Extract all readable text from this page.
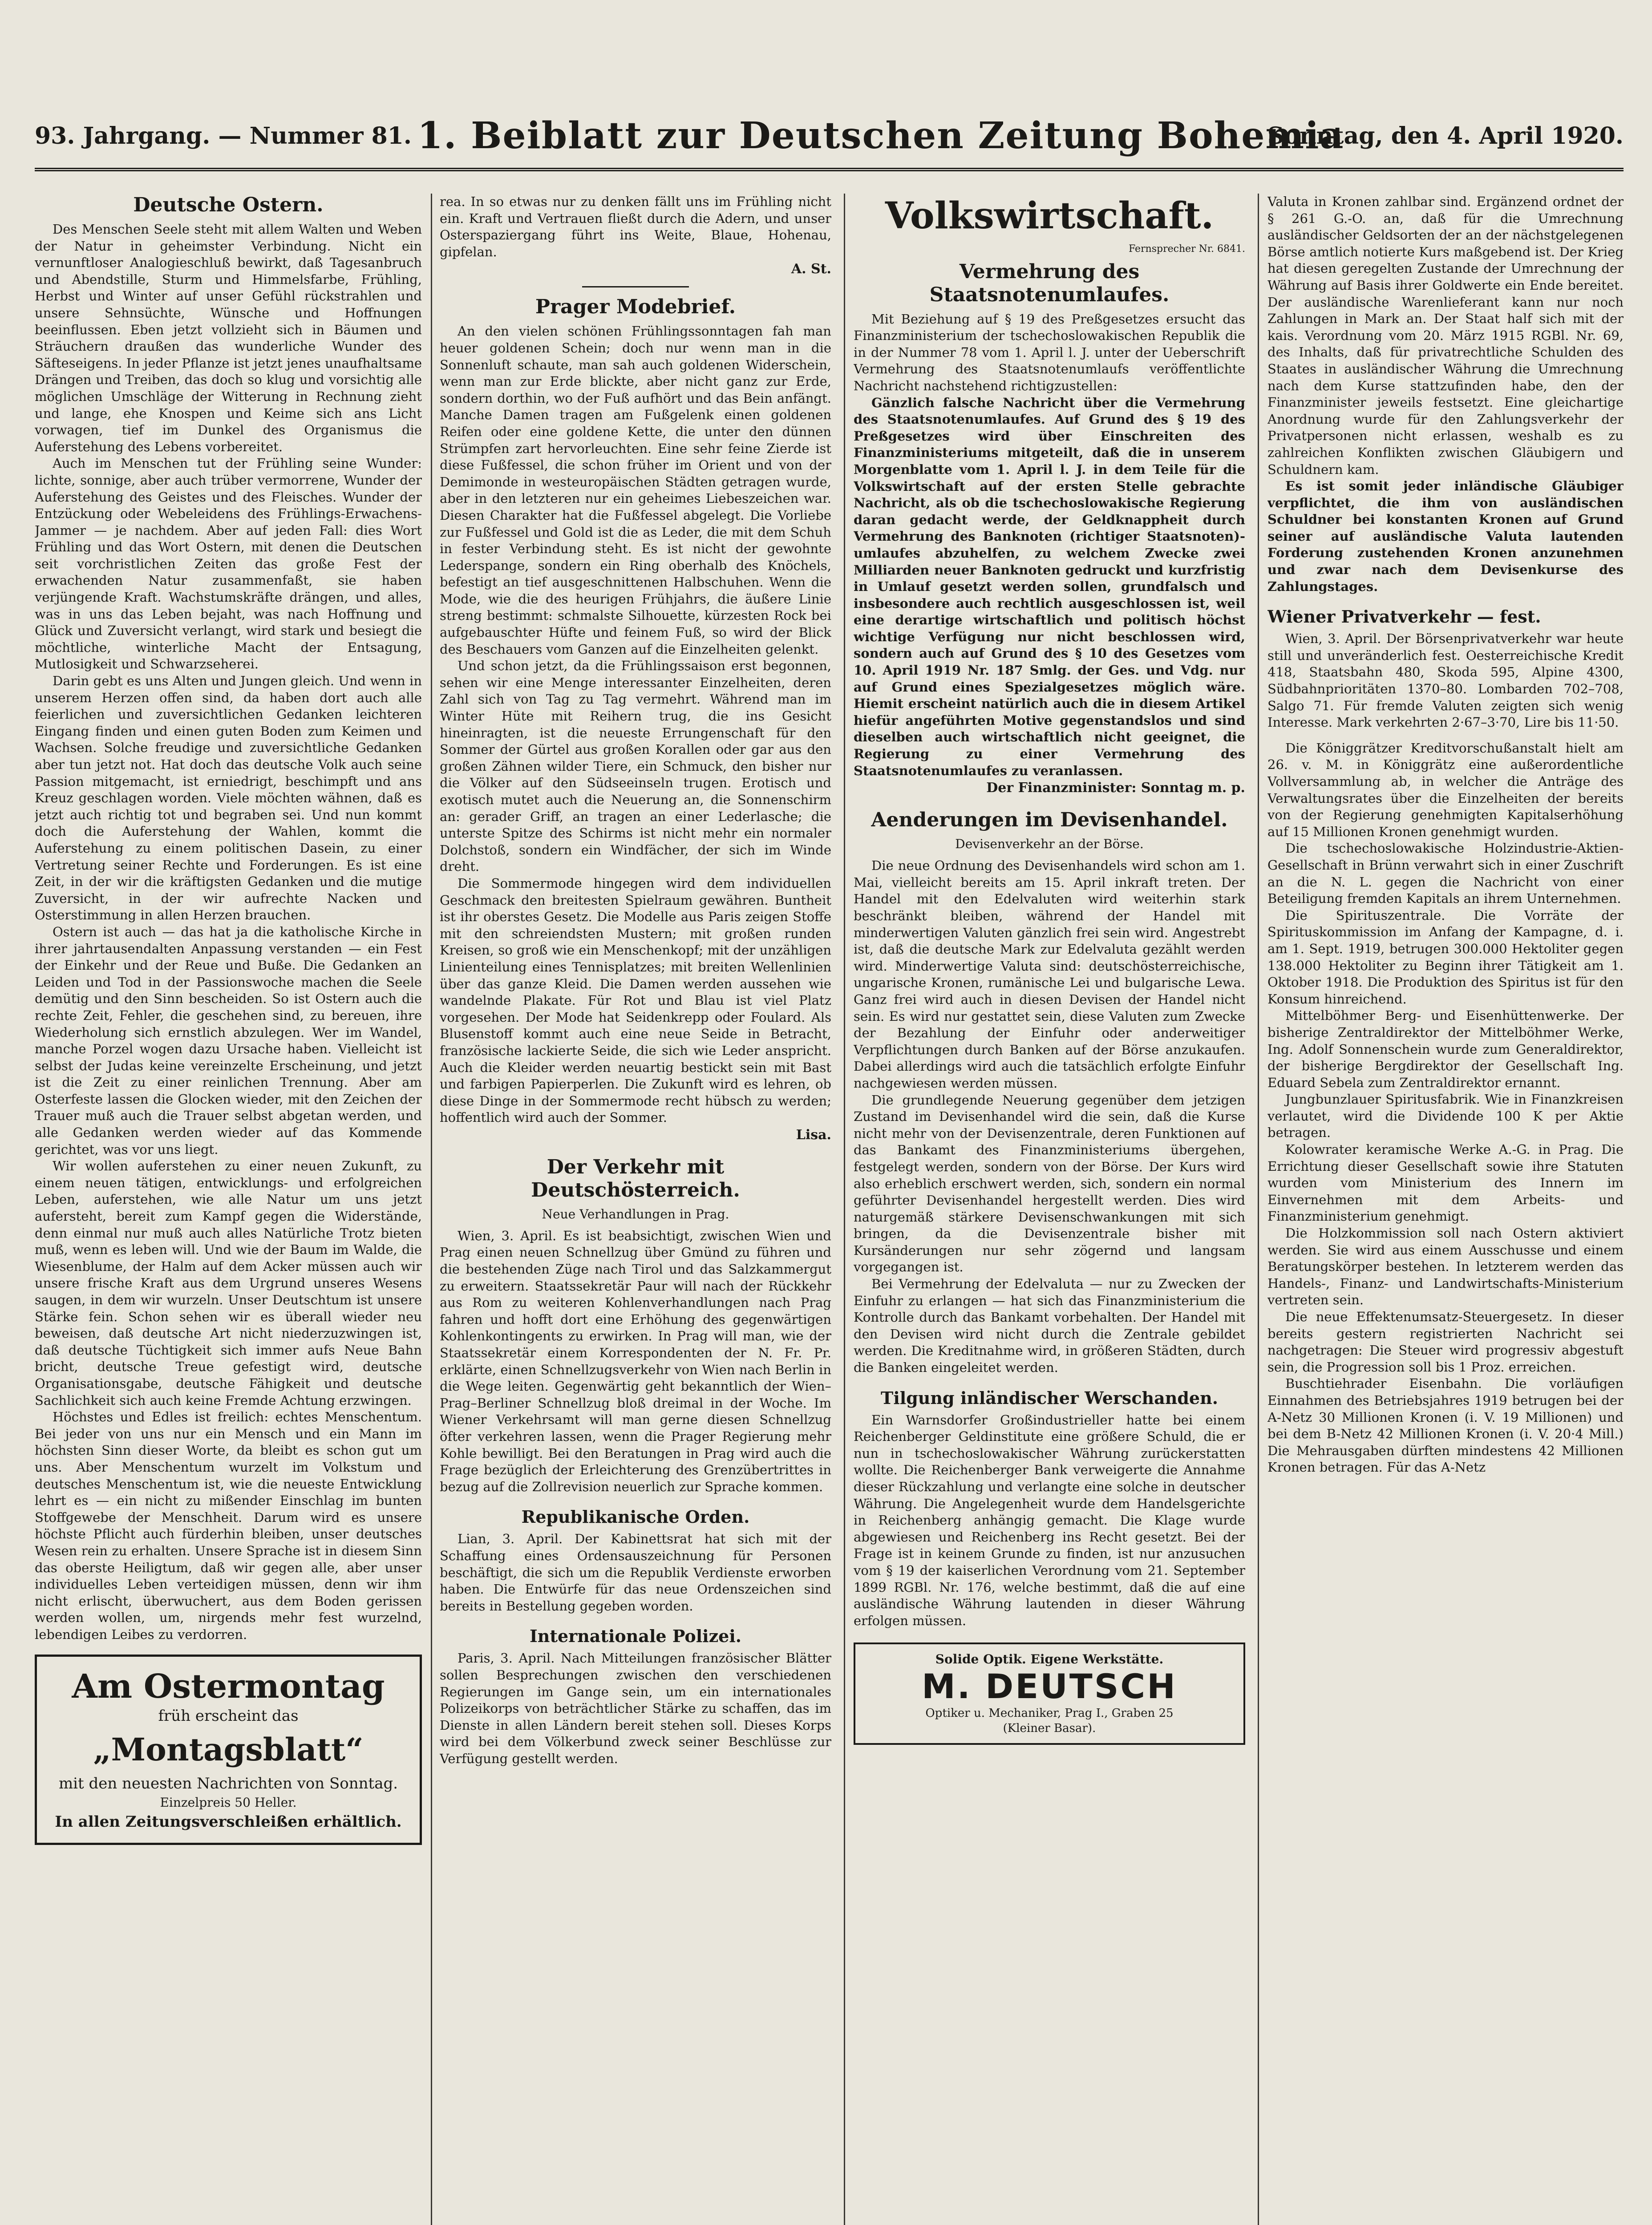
93. Jahrgang. — Nummer 81. 1. Beiblatt zur Deutschen Zeitung Bohemia
Sonntag, den 4. April 1920.
Deutsche Ostern.

Des Menschen Seele steht mit allem Walten und Weben der Natur in geheimster Verbindung. Nicht ein vernunftloser Analogieschluß bewirkt, daß Tagesanbruch und Abendstille, Sturm und Himmelsfarbe, Frühling, Herbst und Winter auf unser Gefühl rückstrahlen und unsere Sehnsüchte, Wünsche und Hoffnungen beeinflussen. Eben jetzt vollzieht sich in Bäumen und Sträuchern draußen das wunderliche Wunder des Säfteseigens. In jeder Pflanze ist jetzt jenes unaufhaltsame Drängen und Treiben, das doch so klug und vorsichtig alle möglichen Umschläge der Witterung in Rechnung zieht und lange, ehe Knospen und Keime sich ans Licht vorwagen, tief im Dunkel des Organismus die Auferstehung des Lebens vorbereitet.

Auch im Menschen tut der Frühling seine Wunder: lichte, sonnige, aber auch trüber vermorrene, Wunder der Auferstehung des Geistes und des Fleisches. Wunder der Entzückung oder Webeleidens des Frühlings-Erwachens-Jammer — je nachdem. Aber auf jeden Fall: dies Wort Frühling und das Wort Ostern, mit denen die Deutschen seit vorchristlichen Zeiten das große Fest der erwachenden Natur zusammenfaßt, sie haben verjüngende Kraft. Wachstumskräfte drängen, und alles, was in uns das Leben bejaht, was nach Hoffnung und Glück und Zuversicht verlangt, wird stark und besiegt die möchtliche, winterliche Macht der Entsagung, Mutlosigkeit und Schwarzseherei.

Darin gebt es uns Alten und Jungen gleich. Und wenn in unserem Herzen offen sind, da haben dort auch alle feierlichen und zuversichtlichen Gedanken leichteren Eingang finden und einen guten Boden zum Keimen und Wachsen. Solche freudige und zuversichtliche Gedanken aber tun jetzt not. Hat doch das deutsche Volk auch seine Passion mitgemacht, ist erniedrigt, beschimpft und ans Kreuz geschlagen worden. Viele möchten wähnen, daß es jetzt auch richtig tot und begraben sei. Und nun kommt doch die Auferstehung der Wahlen, kommt die Auferstehung zu einem politischen Dasein, zu einer Vertretung seiner Rechte und Forderungen. Es ist eine Zeit, in der wir die kräftigsten Gedanken und die mutige Zuversicht, in der wir aufrechte Nacken und Osterstimmung in allen Herzen brauchen.

Ostern ist auch — das hat ja die katholische Kirche in ihrer jahrtausendalten Anpassung verstanden — ein Fest der Einkehr und der Reue und Buße. Die Gedanken an Leiden und Tod in der Passionswoche machen die Seele demütig und den Sinn bescheiden. So ist Ostern auch die rechte Zeit, Fehler, die geschehen sind, zu bereuen, ihre Wiederholung sich ernstlich abzulegen. Wer im Wandel, manche Porzel wogen dazu Ursache haben. Vielleicht ist selbst der Judas keine vereinzelte Erscheinung, und jetzt ist die Zeit zu einer reinlichen Trennung. Aber am Osterfeste lassen die Glocken wieder, mit den Zeichen der Trauer muß auch die Trauer selbst abgetan werden, und alle Gedanken werden wieder auf das Kommende gerichtet, was vor uns liegt.

Wir wollen auferstehen zu einer neuen Zukunft, zu einem neuen tätigen, entwicklungs- und erfolgreichen Leben, auferstehen, wie alle Natur um uns jetzt aufersteht, bereit zum Kampf gegen die Widerstände, denn einmal nur muß auch alles Natürliche Trotz bieten muß, wenn es leben will. Und wie der Baum im Walde, die Wiesenblume, der Halm auf dem Acker müssen auch wir unsere frische Kraft aus dem Urgrund unseres Wesens saugen, in dem wir wurzeln. Unser Deutschtum ist unsere Stärke fein. Schon sehen wir es überall wieder neu beweisen, daß deutsche Art nicht niederzuzwingen ist, daß deutsche Tüchtigkeit sich immer aufs Neue Bahn bricht, deutsche Treue gefestigt wird, deutsche Organisationsgabe, deutsche Fähigkeit und deutsche Sachlichkeit sich auch keine Fremde Achtung erzwingen.

Höchstes und Edles ist freilich: echtes Menschentum. Bei jeder von uns nur ein Mensch und ein Mann im höchsten Sinn dieser Worte, da bleibt es schon gut um uns. Aber Menschentum wurzelt im Volkstum und deutsches Menschentum ist, wie die neueste Entwicklung lehrt es — ein nicht zu mißender Einschlag im bunten Stoffgewebe der Menschheit. Darum wird es unsere höchste Pflicht auch fürderhin bleiben, unser deutsches Wesen rein zu erhalten. Unsere Sprache ist in diesem Sinn das oberste Heiligtum, daß wir gegen alle, aber unser individuelles Leben verteidigen müssen, denn wir ihm nicht erlischt, überwuchert, aus dem Boden gerissen werden wollen, um, nirgends mehr fest wurzelnd, lebendigen Leibes zu verdorren.

Am Ostermontag
früh erscheint das
„Montagsblatt“
mit den neuesten Nachrichten von Sonntag.
Einzelpreis 50 Heller.
In allen Zeitungsverschleißen erhältlich.

rea. In so etwas nur zu denken fällt uns im Frühling nicht ein. Kraft und Vertrauen fließt durch die Adern, und unser Osterspaziergang führt ins Weite, Blaue, Hohenau, gipfelan.

A. St.
Prager Modebrief.

An den vielen schönen Frühlingssonntagen fah man heuer goldenen Schein; doch nur wenn man in die Sonnenluft schaute, man sah auch goldenen Widerschein, wenn man zur Erde blickte, aber nicht ganz zur Erde, sondern dorthin, wo der Fuß aufhört und das Bein anfängt. Manche Damen tragen am Fußgelenk einen goldenen Reifen oder eine goldene Kette, die unter den dünnen Strümpfen zart hervorleuchten. Eine sehr feine Zierde ist diese Fußfessel, die schon früher im Orient und von der Demimonde in westeuropäischen Städten getragen wurde, aber in den letzteren nur ein geheimes Liebeszeichen war. Diesen Charakter hat die Fußfessel abgelegt. Die Vorliebe zur Fußfessel und Gold ist die as Leder, die mit dem Schuh in fester Verbindung steht. Es ist nicht der gewohnte Lederspange, sondern ein Ring oberhalb des Knöchels, befestigt an tief ausgeschnittenen Halbschuhen. Wenn die Mode, wie die des heurigen Frühjahrs, die äußere Linie streng bestimmt: schmalste Silhouette, kürzesten Rock bei aufgebauschter Hüfte und feinem Fuß, so wird der Blick des Beschauers vom Ganzen auf die Einzelheiten gelenkt.

Und schon jetzt, da die Frühlingssaison erst begonnen, sehen wir eine Menge interessanter Einzelheiten, deren Zahl sich von Tag zu Tag vermehrt. Während man im Winter Hüte mit Reihern trug, die ins Gesicht hineinragten, ist die neueste Errungenschaft für den Sommer der Gürtel aus großen Korallen oder gar aus den großen Zähnen wilder Tiere, ein Schmuck, den bisher nur die Völker auf den Südseeinseln trugen. Erotisch und exotisch mutet auch die Neuerung an, die Sonnenschirm an: gerader Griff, an tragen an einer Lederlasche; die unterste Spitze des Schirms ist nicht mehr ein normaler Dolchstoß, sondern ein Windfächer, der sich im Winde dreht.

Die Sommermode hingegen wird dem individuellen Geschmack den breitesten Spielraum gewähren. Buntheit ist ihr oberstes Gesetz. Die Modelle aus Paris zeigen Stoffe mit den schreiendsten Mustern; mit großen runden Kreisen, so groß wie ein Menschenkopf; mit der unzähligen Linienteilung eines Tennisplatzes; mit breiten Wellenlinien über das ganze Kleid. Die Damen werden aussehen wie wandelnde Plakate. Für Rot und Blau ist viel Platz vorgesehen. Der Mode hat Seidenkrepp oder Foulard. Als Blusenstoff kommt auch eine neue Seide in Betracht, französische lackierte Seide, die sich wie Leder anspricht. Auch die Kleider werden neuartig bestickt sein mit Bast und farbigen Papierperlen. Die Zukunft wird es lehren, ob diese Dinge in der Sommermode recht hübsch zu werden; hoffentlich wird auch der Sommer.

Lisa.
Der Verkehr mit Deutschösterreich.
Neue Verhandlungen in Prag.

Wien, 3. April. Es ist beabsichtigt, zwischen Wien und Prag einen neuen Schnellzug über Gmünd zu führen und die bestehenden Züge nach Tirol und das Salzkammergut zu erweitern. Staatssekretär Paur will nach der Rückkehr aus Rom zu weiteren Kohlenverhandlungen nach Prag fahren und hofft dort eine Erhöhung des gegenwärtigen Kohlenkontingents zu erwirken. In Prag will man, wie der Staatssekretär einem Korrespondenten der N. Fr. Pr. erklärte, einen Schnellzugsverkehr von Wien nach Berlin in die Wege leiten. Gegenwärtig geht bekanntlich der Wien–Prag–Berliner Schnellzug bloß dreimal in der Woche. Im Wiener Verkehrsamt will man gerne diesen Schnellzug öfter verkehren lassen, wenn die Prager Regierung mehr Kohle bewilligt. Bei den Beratungen in Prag wird auch die Frage bezüglich der Erleichterung des Grenzübertrittes in bezug auf die Zollrevision neuerlich zur Sprache kommen.

Republikanische Orden.

Lian, 3. April. Der Kabinettsrat hat sich mit der Schaffung eines Ordensauszeichnung für Personen beschäftigt, die sich um die Republik Verdienste erworben haben. Die Entwürfe für das neue Ordenszeichen sind bereits in Bestellung gegeben worden.

Internationale Polizei.

Paris, 3. April. Nach Mitteilungen französischer Blätter sollen Besprechungen zwischen den verschiedenen Regierungen im Gange sein, um ein internationales Polizeikorps von beträchtlicher Stärke zu schaffen, das im Dienste in allen Ländern bereit stehen soll. Dieses Korps wird bei dem Völkerbund zweck seiner Beschlüsse zur Verfügung gestellt werden.

Volkswirtschaft.
Fernsprecher Nr. 6841.
Vermehrung des Staatsnotenumlaufes.

Mit Beziehung auf § 19 des Preßgesetzes ersucht das Finanzministerium der tschechoslowakischen Republik die in der Nummer 78 vom 1. April l. J. unter der Ueberschrift Vermehrung des Staatsnotenumlaufs veröffentlichte Nachricht nachstehend richtigzustellen:

Gänzlich falsche Nachricht über die Vermehrung des Staatsnotenumlaufes. Auf Grund des § 19 des Preßgesetzes wird über Einschreiten des Finanzministeriums mitgeteilt, daß die in unserem Morgenblatte vom 1. April l. J. in dem Teile für die Volkswirtschaft auf der ersten Stelle gebrachte Nachricht, als ob die tschechoslowakische Regierung daran gedacht werde, der Geldknappheit durch Vermehrung des Banknoten (richtiger Staatsnoten)-umlaufes abzuhelfen, zu welchem Zwecke zwei Milliarden neuer Banknoten gedruckt und kurzfristig in Umlauf gesetzt werden sollen, grundfalsch und insbesondere auch rechtlich ausgeschlossen ist, weil eine derartige wirtschaftlich und politisch höchst wichtige Verfügung nur nicht beschlossen wird, sondern auch auf Grund des § 10 des Gesetzes vom 10. April 1919 Nr. 187 Smlg. der Ges. und Vdg. nur auf Grund eines Spezialgesetzes möglich wäre. Hiemit erscheint natürlich auch die in diesem Artikel hiefür angeführten Motive gegenstandslos und sind dieselben auch wirtschaftlich nicht geeignet, die Regierung zu einer Vermehrung des Staatsnotenumlaufes zu veranlassen.

Der Finanzminister: Sonntag m. p.
Aenderungen im Devisenhandel.
Devisenverkehr an der Börse.

Die neue Ordnung des Devisenhandels wird schon am 1. Mai, vielleicht bereits am 15. April inkraft treten. Der Handel mit den Edelvaluten wird weiterhin stark beschränkt bleiben, während der Handel mit minderwertigen Valuten gänzlich frei sein wird. Angestrebt ist, daß die deutsche Mark zur Edelvaluta gezählt werden wird. Minderwertige Valuta sind: deutschösterreichische, ungarische Kronen, rumänische Lei und bulgarische Lewa. Ganz frei wird auch in diesen Devisen der Handel nicht sein. Es wird nur gestattet sein, diese Valuten zum Zwecke der Bezahlung der Einfuhr oder anderweitiger Verpflichtungen durch Banken auf der Börse anzukaufen. Dabei allerdings wird auch die tatsächlich erfolgte Einfuhr nachgewiesen werden müssen.

Die grundlegende Neuerung gegenüber dem jetzigen Zustand im Devisenhandel wird die sein, daß die Kurse nicht mehr von der Devisenzentrale, deren Funktionen auf das Bankamt des Finanzministeriums übergehen, festgelegt werden, sondern von der Börse. Der Kurs wird also erheblich erschwert werden, sich, sondern ein normal geführter Devisenhandel hergestellt werden. Dies wird naturgemäß stärkere Devisenschwankungen mit sich bringen, da die Devisenzentrale bisher mit Kursänderungen nur sehr zögernd und langsam vorgegangen ist.

Bei Vermehrung der Edelvaluta — nur zu Zwecken der Einfuhr zu erlangen — hat sich das Finanzministerium die Kontrolle durch das Bankamt vorbehalten. Der Handel mit den Devisen wird nicht durch die Zentrale gebildet werden. Die Kreditnahme wird, in größeren Städten, durch die Banken eingeleitet werden.

Tilgung inländischer Werschanden.

Ein Warnsdorfer Großindustrieller hatte bei einem Reichenberger Geldinstitute eine größere Schuld, die er nun in tschechoslowakischer Währung zurückerstatten wollte. Die Reichenberger Bank verweigerte die Annahme dieser Rückzahlung und verlangte eine solche in deutscher Währung. Die Angelegenheit wurde dem Handelsgerichte in Reichenberg anhängig gemacht. Die Klage wurde abgewiesen und Reichenberg ins Recht gesetzt. Bei der Frage ist in keinem Grunde zu finden, ist nur anzusuchen vom § 19 der kaiserlichen Verordnung vom 21. September 1899 RGBl. Nr. 176, welche bestimmt, daß die auf eine ausländische Währung lautenden in dieser Währung erfolgen müssen.

Solide Optik. Eigene Werkstätte.
M. DEUTSCH
Optiker u. Mechaniker, Prag I., Graben 25
(Kleiner Basar).

Valuta in Kronen zahlbar sind. Ergänzend ordnet der § 261 G.-O. an, daß für die Umrechnung ausländischer Geldsorten der an der nächstgelegenen Börse amtlich notierte Kurs maßgebend ist. Der Krieg hat diesen geregelten Zustande der Umrechnung der Währung auf Basis ihrer Goldwerte ein Ende bereitet. Der ausländische Warenlieferant kann nur noch Zahlungen in Mark an. Der Staat half sich mit der kais. Verordnung vom 20. März 1915 RGBl. Nr. 69, des Inhalts, daß für privatrechtliche Schulden des Staates in ausländischer Währung die Umrechnung nach dem Kurse stattzufinden habe, den der Finanzminister jeweils festsetzt. Eine gleichartige Anordnung wurde für den Zahlungsverkehr der Privatpersonen nicht erlassen, weshalb es zu zahlreichen Konflikten zwischen Gläubigern und Schuldnern kam.

Es ist somit jeder inländische Gläubiger verpflichtet, die ihm von ausländischen Schuldner bei konstanten Kronen auf Grund seiner auf ausländische Valuta lautenden Forderung zustehenden Kronen anzunehmen und zwar nach dem Devisenkurse des Zahlungstages.

Wiener Privatverkehr — fest.

Wien, 3. April. Der Börsenprivatverkehr war heute still und unveränderlich fest. Oesterreichische Kredit 418, Staatsbahn 480, Skoda 595, Alpine 4300, Südbahnprioritäten 1370–80. Lombarden 702–708, Salgo 71. Für fremde Valuten zeigten sich wenig Interesse. Mark verkehrten 2·67–3·70, Lire bis 11·50.

Die Königgrätzer Kreditvorschußanstalt hielt am 26. v. M. in Königgrätz eine außerordentliche Vollversammlung ab, in welcher die Anträge des Verwaltungsrates über die Einzelheiten der bereits von der Regierung genehmigten Kapitalserhöhung auf 15 Millionen Kronen genehmigt wurden.

Die tschechoslowakische Holzindustrie-Aktien-Gesellschaft in Brünn verwahrt sich in einer Zuschrift an die N. L. gegen die Nachricht von einer Beteiligung fremden Kapitals an ihrem Unternehmen.

Die Spirituszentrale. Die Vorräte der Spirituskommission im Anfang der Kampagne, d. i. am 1. Sept. 1919, betrugen 300.000 Hektoliter gegen 138.000 Hektoliter zu Beginn ihrer Tätigkeit am 1. Oktober 1918. Die Produktion des Spiritus ist für den Konsum hinreichend.

Mittelböhmer Berg- und Eisenhüttenwerke. Der bisherige Zentraldirektor der Mittelböhmer Werke, Ing. Adolf Sonnenschein wurde zum Generaldirektor, der bisherige Bergdirektor der Gesellschaft Ing. Eduard Sebela zum Zentraldirektor ernannt.

Jungbunzlauer Spiritusfabrik. Wie in Finanzkreisen verlautet, wird die Dividende 100 K per Aktie betragen.

Kolowrater keramische Werke A.-G. in Prag. Die Errichtung dieser Gesellschaft sowie ihre Statuten wurden vom Ministerium des Innern im Einvernehmen mit dem Arbeits- und Finanzministerium genehmigt.

Die Holzkommission soll nach Ostern aktiviert werden. Sie wird aus einem Ausschusse und einem Beratungskörper bestehen. In letzterem werden das Handels-, Finanz- und Landwirtschafts-Ministerium vertreten sein.

Die neue Effektenumsatz-Steuergesetz. In dieser bereits gestern registrierten Nachricht sei nachgetragen: Die Steuer wird progressiv abgestuft sein, die Progression soll bis 1 Proz. erreichen.

Buschtiehrader Eisenbahn. Die vorläufigen Einnahmen des Betriebsjahres 1919 betrugen bei der A-Netz 30 Millionen Kronen (i. V. 19 Millionen) und bei dem B-Netz 42 Millionen Kronen (i. V. 20·4 Mill.) Die Mehrausgaben dürften mindestens 42 Millionen Kronen betragen. Für das A-Netz
